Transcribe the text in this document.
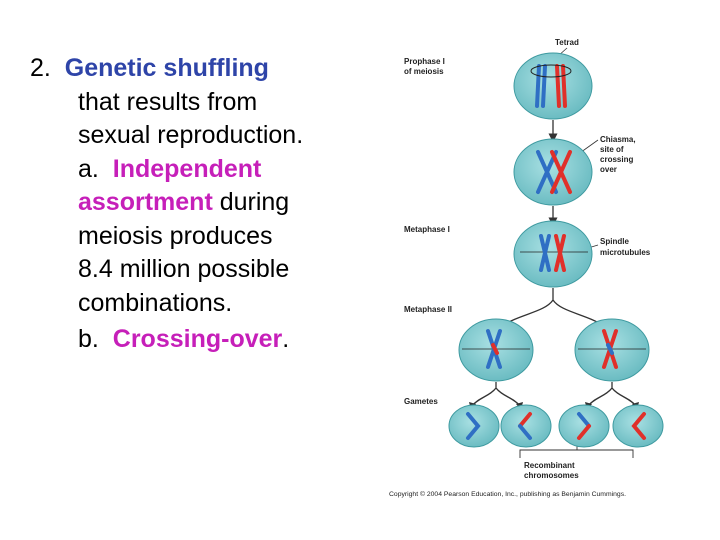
2. Genetic shuffling
that results from
sexual reproduction.
a. Independent
assortment during
meiosis produces
8.4 million possible
combinations.
b. Crossing-over.
Tetrad
Prophase I
of meiosis
Chiasma,
site of
crossing
over
Metaphase I
Spindle
microtubules
Metaphase II
Gametes
Recombinant
chromosomes
Copyright © 2004 Pearson Education, Inc., publishing as Benjamin Cummings.
